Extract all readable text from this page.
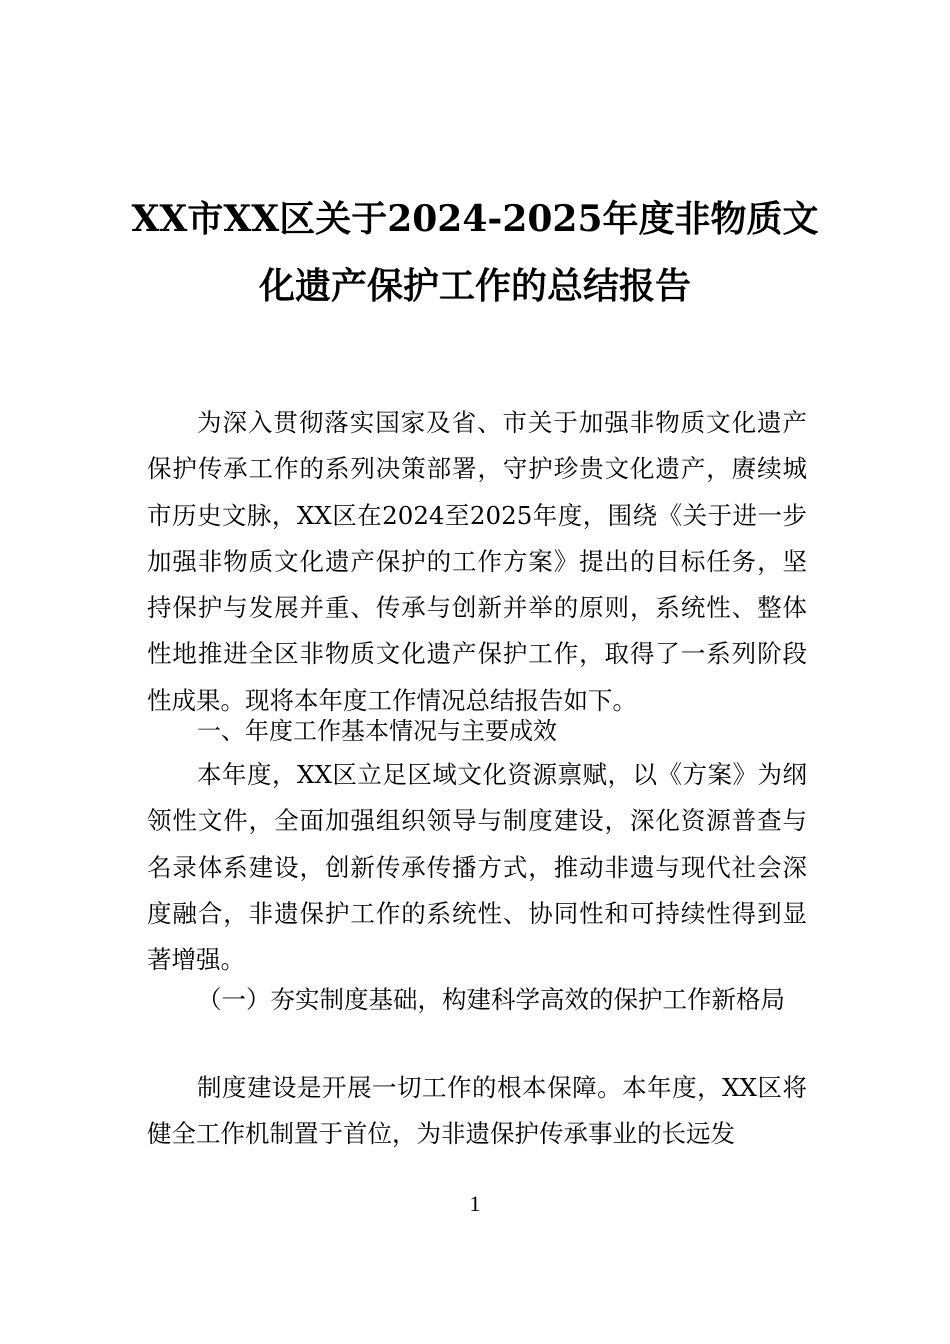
XX市XX区关于2024-2025年度非物质文
化遗产保护工作的总结报告

为深入贯彻落实国家及省、市关于加强非物质文化遗产保护传承工作的系列决策部署，守护珍贵文化遗产，赓续城市历史文脉，XX区在2024至2025年度，围绕《关于进一步加强非物质文化遗产保护的工作方案》提出的目标任务，坚持保护与发展并重、传承与创新并举的原则，系统性、整体性地推进全区非物质文化遗产保护工作，取得了一系列阶段性成果。现将本年度工作情况总结报告如下。

一、年度工作基本情况与主要成效

本年度，XX区立足区域文化资源禀赋，以《方案》为纲领性文件，全面加强组织领导与制度建设，深化资源普查与名录体系建设，创新传承传播方式，推动非遗与现代社会深度融合，非遗保护工作的系统性、协同性和可持续性得到显著增强。

（一）夯实制度基础，构建科学高效的保护工作新格局

制度建设是开展一切工作的根本保障。本年度，XX区将健全工作机制置于首位，为非遗保护传承事业的长远发

1
